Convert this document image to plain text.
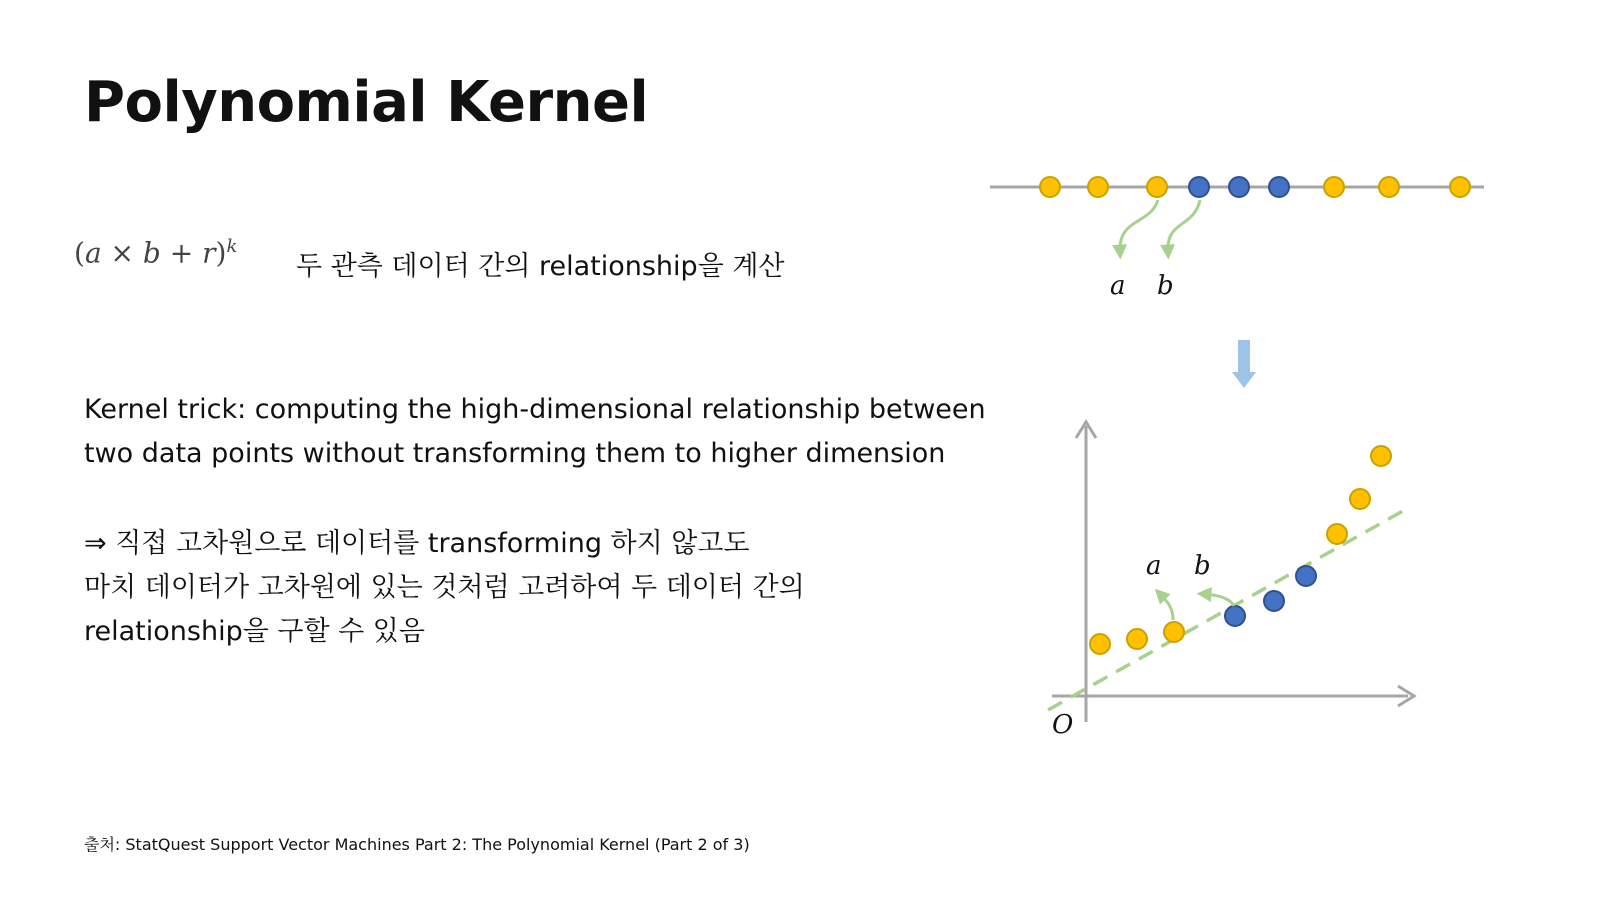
Polynomial Kernel
$(a \times b + r)^k$
두 관측 데이터 간의 relationship을 계산
Kernel trick: computing the high-dimensional relationship between
two data points without transforming them to higher dimension
⇒ 직접 고차원으로 데이터를 transforming 하지 않고도
마치 데이터가 고차원에 있는 것처럼 고려하여 두 데이터 간의
relationship을 구할 수 있음
출처: StatQuest Support Vector Machines Part 2: The Polynomial Kernel (Part 2 of 3)
a b
O
a b
